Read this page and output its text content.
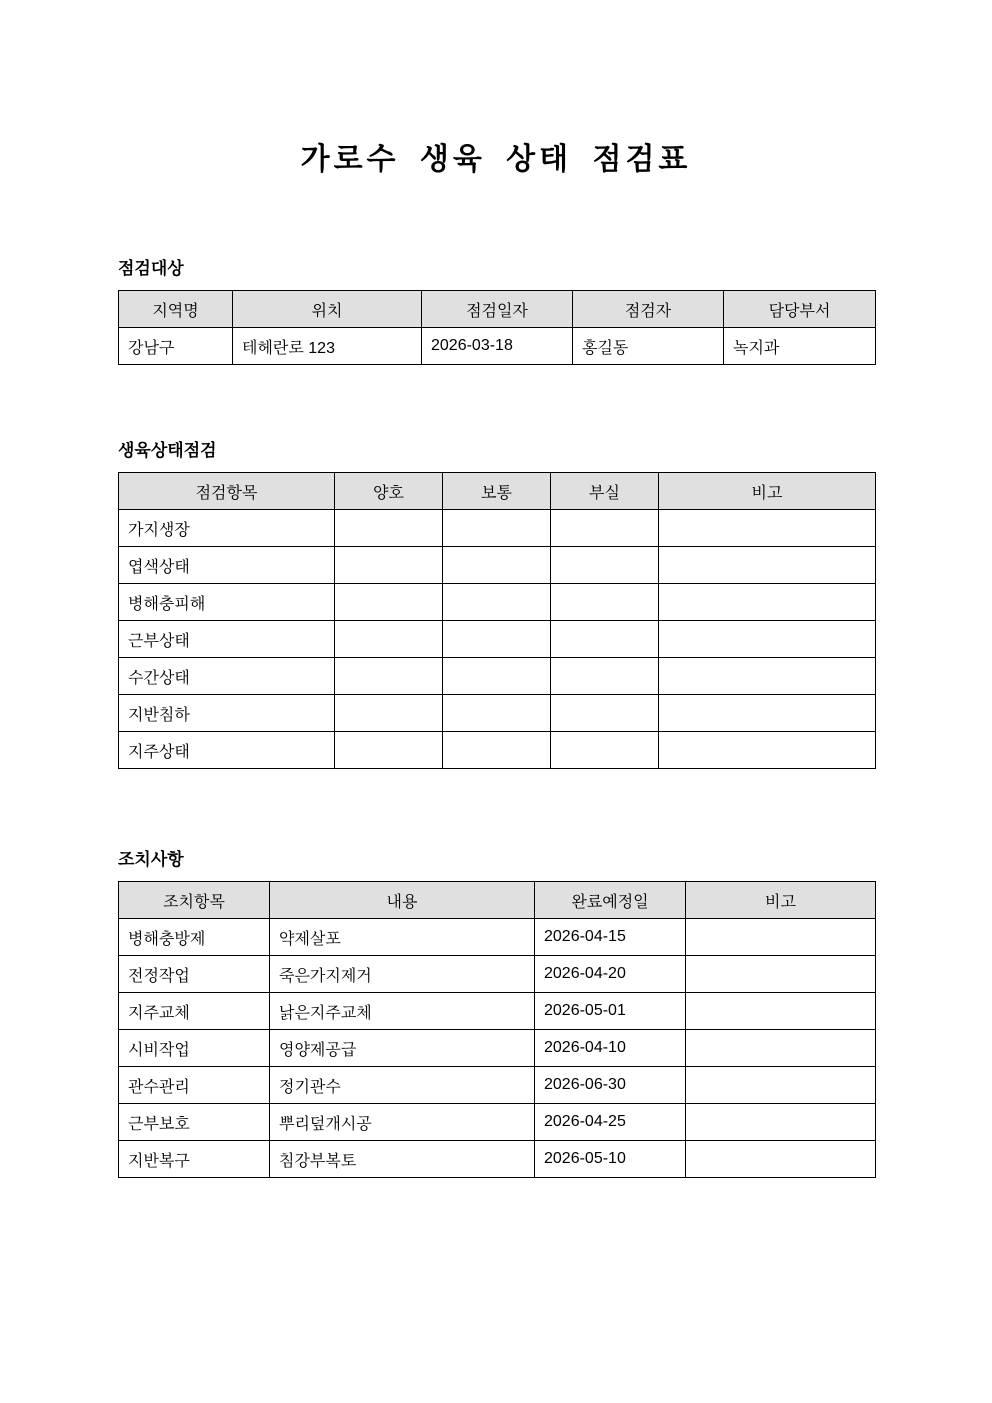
가로수 생육 상태 점검표
점검대상
지역명	위치	점검일자	점검자	담당부서
강남구	테헤란로 123	2026-03-18	홍길동	녹지과
생육상태점검
점검항목	양호	보통	부실	비고
가지생장				
엽색상태				
병해충피해				
근부상태				
수간상태				
지반침하				
지주상태				
조치사항
조치항목	내용	완료예정일	비고
병해충방제	약제살포	2026-04-15	
전정작업	죽은가지제거	2026-04-20	
지주교체	낡은지주교체	2026-05-01	
시비작업	영양제공급	2026-04-10	
관수관리	정기관수	2026-06-30	
근부보호	뿌리덮개시공	2026-04-25	
지반복구	침강부복토	2026-05-10	
